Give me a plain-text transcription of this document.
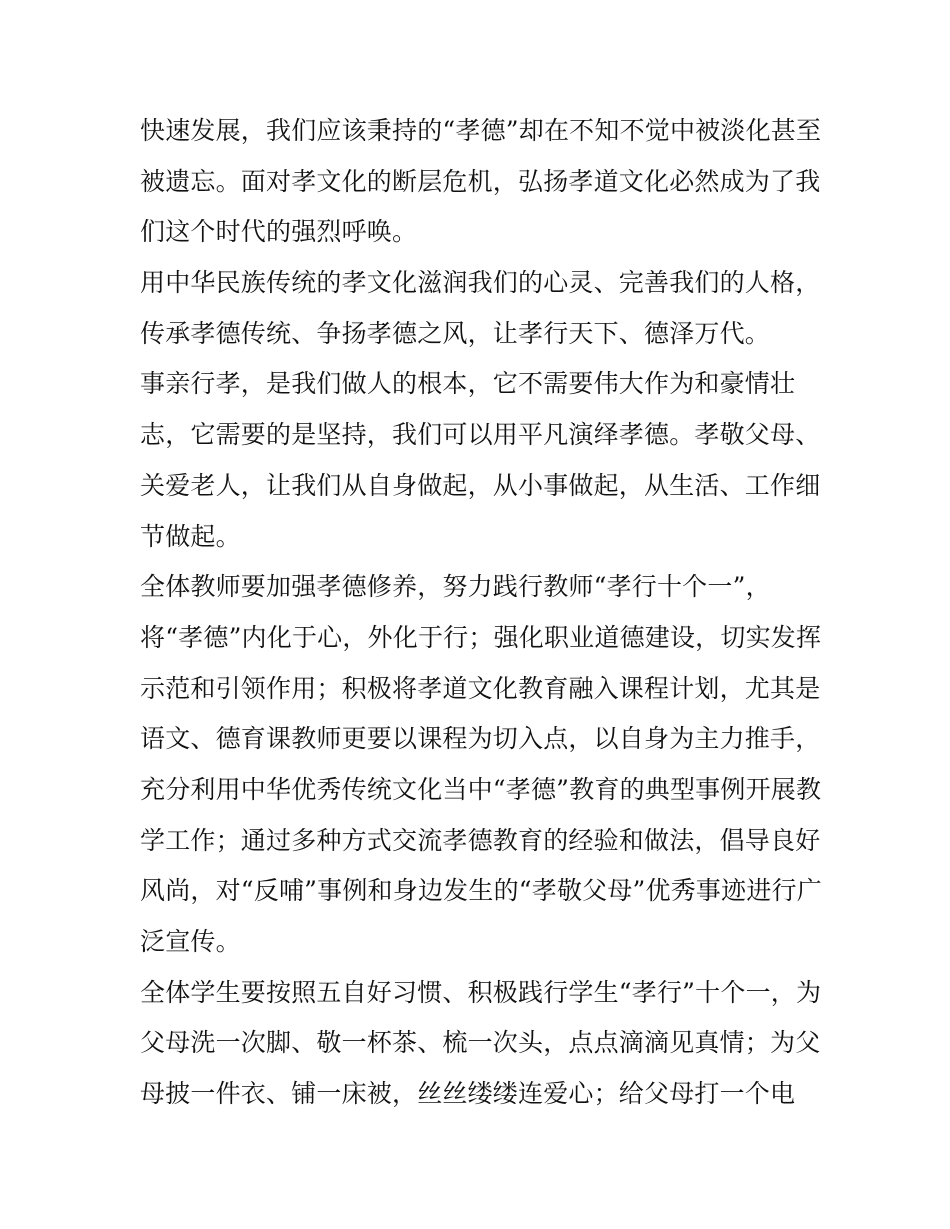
快速发展，我们应该秉持的“孝德”却在不知不觉中被淡化甚至
被遗忘。面对孝文化的断层危机，弘扬孝道文化必然成为了我
们这个时代的强烈呼唤。
用中华民族传统的孝文化滋润我们的心灵、完善我们的人格，
传承孝德传统、争扬孝德之风，让孝行天下、德泽万代。
事亲行孝，是我们做人的根本，它不需要伟大作为和豪情壮
志，它需要的是坚持，我们可以用平凡演绎孝德。孝敬父母、
关爱老人，让我们从自身做起，从小事做起，从生活、工作细
节做起。
全体教师要加强孝德修养，努力践行教师“孝行十个一”，
将“孝德”内化于心，外化于行；强化职业道德建设，切实发挥
示范和引领作用；积极将孝道文化教育融入课程计划，尤其是
语文、德育课教师更要以课程为切入点，以自身为主力推手，
充分利用中华优秀传统文化当中“孝德”教育的典型事例开展教
学工作；通过多种方式交流孝德教育的经验和做法，倡导良好
风尚，对“反哺”事例和身边发生的“孝敬父母”优秀事迹进行广
泛宣传。
全体学生要按照五自好习惯、积极践行学生“孝行”十个一，为
父母洗一次脚、敬一杯茶、梳一次头，点点滴滴见真情；为父
母披一件衣、铺一床被，丝丝缕缕连爱心；给父母打一个电
